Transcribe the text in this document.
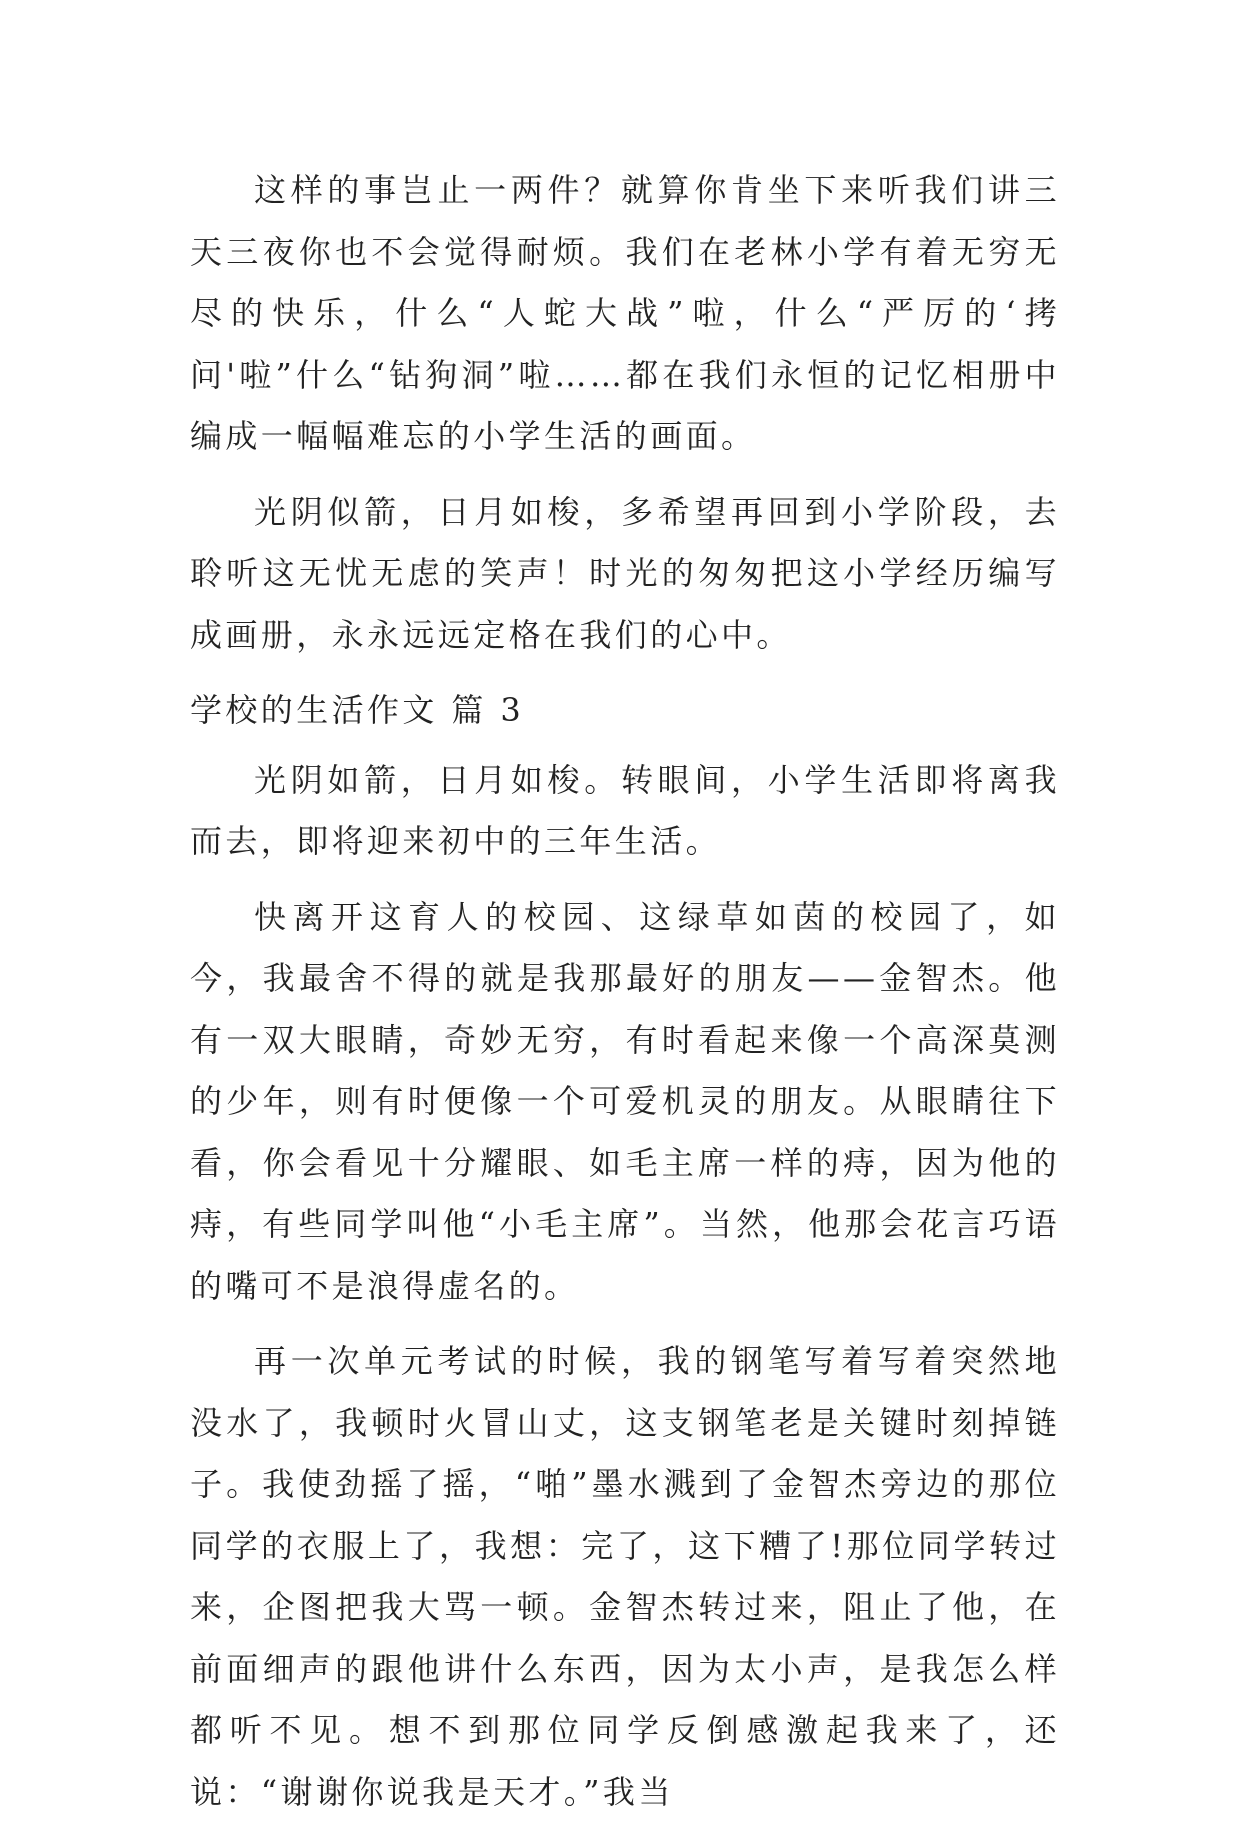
这样的事岂止一两件？就算你肯坐下来听我们讲三天三夜你也不会觉得耐烦。我们在老林小学有着无穷无尽的快乐，什么“人蛇大战”啦，什么“严厉的‘拷问'啦”什么“钻狗洞”啦……都在我们永恒的记忆相册中编成一幅幅难忘的小学生活的画面。

光阴似箭，日月如梭，多希望再回到小学阶段，去聆听这无忧无虑的笑声！时光的匆匆把这小学经历编写成画册，永永远远定格在我们的心中。

学校的生活作文 篇 3

光阴如箭，日月如梭。转眼间，小学生活即将离我而去，即将迎来初中的三年生活。

快离开这育人的校园、这绿草如茵的校园了，如今，我最舍不得的就是我那最好的朋友——金智杰。他有一双大眼睛，奇妙无穷，有时看起来像一个高深莫测的少年，则有时便像一个可爱机灵的朋友。从眼睛往下看，你会看见十分耀眼、如毛主席一样的痔，因为他的痔，有些同学叫他“小毛主席”。当然，他那会花言巧语的嘴可不是浪得虚名的。

再一次单元考试的时候，我的钢笔写着写着突然地没水了，我顿时火冒山丈，这支钢笔老是关键时刻掉链子。我使劲摇了摇，“啪”墨水溅到了金智杰旁边的那位同学的衣服上了，我想：完了，这下糟了!那位同学转过来，企图把我大骂一顿。金智杰转过来，阻止了他，在前面细声的跟他讲什么东西，因为太小声，是我怎么样都听不见。想不到那位同学反倒感激起我来了，还说：“谢谢你说我是天才。”我当
